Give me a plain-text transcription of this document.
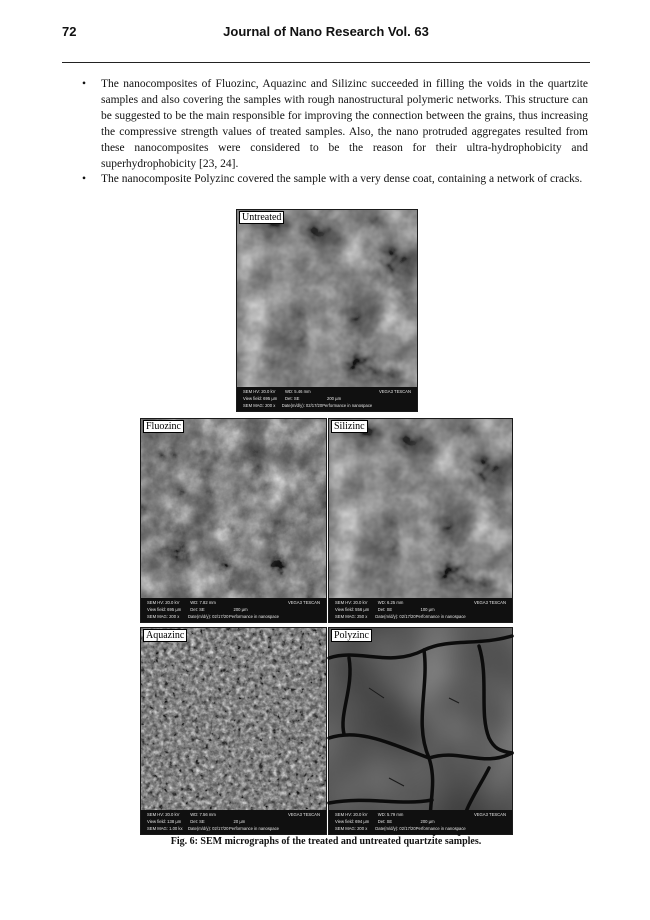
72	Journal of Nano Research Vol. 63
• The nanocomposites of Fluozinc, Aquazinc and Silizinc succeeded in filling the voids in the quartzite samples and also covering the samples with rough nanostructural polymeric networks. This structure can be suggested to be the main responsible for improving the connection between the grains, thus increasing the compressive strength values of treated samples. Also, the nano protruded aggregates resulted from these nanocomposites were considered to be the reason for their ultra-hydrophobicity and superhydrophobicity [23, 24].
• The nanocomposite Polyzinc covered the sample with a very dense coat, containing a network of cracks.
Untreated
SEM HV: 20.0 kV	WD: 5.46 mm	VEGA3 TESCAN
View field: 695 µm	Det: SE	200 µm
SEM MAG: 200 x	Date(m/d/y): 02/17/20 Performance in nanospace
Fluozinc
SEM HV: 20.0 kV	WD: 7.82 mm	VEGA3 TESCAN
View field: 695 µm	Det: SE	200 µm
SEM MAG: 200 x	Date(m/d/y): 02/17/20 Performance in nanospace
Silizinc
SEM HV: 20.0 kV	WD: 6.25 mm	VEGA3 TESCAN
View field: 556 µm	Det: SE	100 µm
SEM MAG: 250 x	Date(m/d/y): 02/17/20 Performance in nanospace
Aquazinc
SEM HV: 20.0 kV	WD: 7.56 mm	VEGA3 TESCAN
View field: 138 µm	Det: SE	20 µm
SEM MAG: 1.00 kx	Date(m/d/y): 02/17/20 Performance in nanospace
Polyzinc
SEM HV: 20.0 kV	WD: 5.79 mm	VEGA3 TESCAN
View field: 694 µm	Det: SE	200 µm
SEM MAG: 200 x	Date(m/d/y): 02/17/20 Performance in nanospace
Fig. 6: SEM micrographs of the treated and untreated quartzite samples.
